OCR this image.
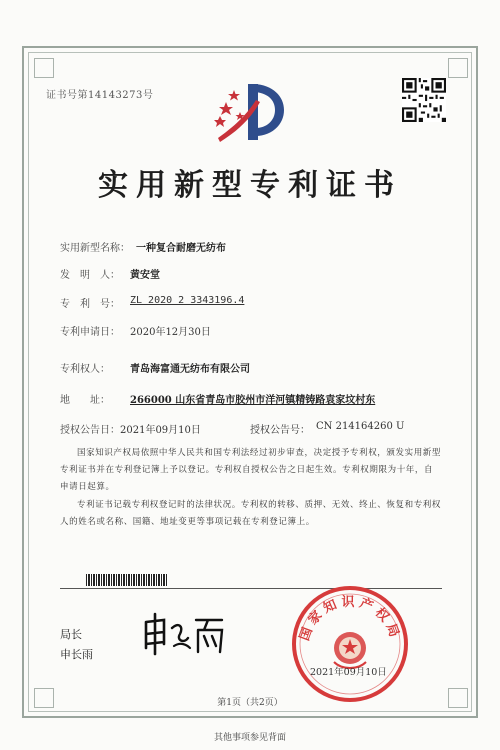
证书号第14143273号
实用新型专利证书
实用新型名称： 一种复合耐磨无纺布
发　明　人： 黄安堂
专　利　号： ZL 2020 2 3343196.4
专利申请日： 2020年12月30日
专利权人： 青岛海富通无纺布有限公司
地　　址： 266000 山东省青岛市胶州市洋河镇精铸路袁家坟村东
授权公告日： 2021年09月10日	授权公告号： CN 214164260 U
国家知识产权局依照中华人民共和国专利法经过初步审查，决定授予专利权，颁发实用新型专利证书并在专利登记簿上予以登记。专利权自授权公告之日起生效。专利权期限为十年，自申请日起算。
专利证书记载专利权登记时的法律状况。专利权的转移、质押、无效、终止、恢复和专利权人的姓名或名称、国籍、地址变更等事项记载在专利登记簿上。
局长
申长雨
国家知识产权局
2021年09月10日
第1页（共2页）
其他事项参见背面
